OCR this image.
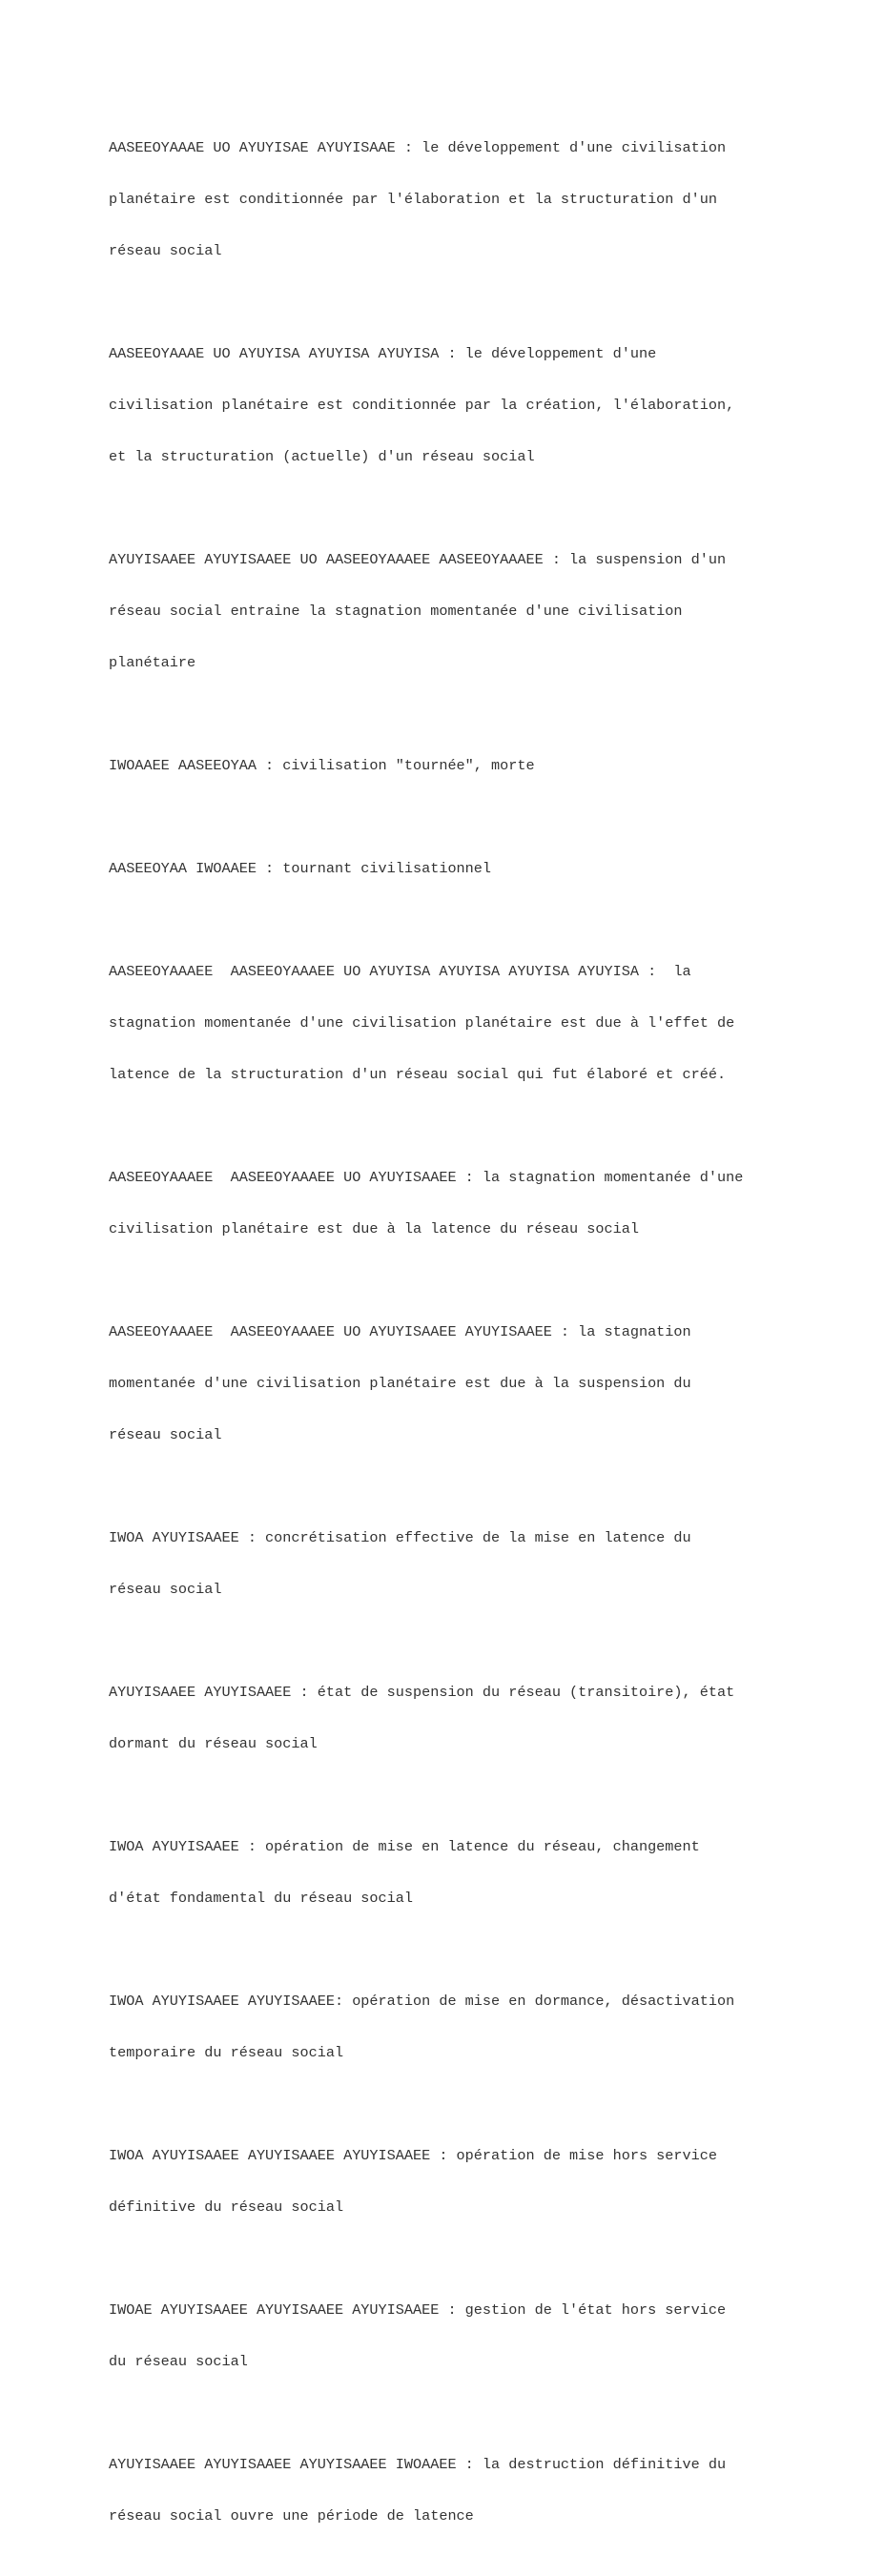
AASEEOYAAAE UO AYUYISAE AYUYISAAE : le développement d'une civilisation

planétaire est conditionnée par l'élaboration et la structuration d'un

réseau social

AASEEOYAAAE UO AYUYISA AYUYISA AYUYISA : le développement d'une

civilisation planétaire est conditionnée par la création, l'élaboration,

et la structuration (actuelle) d'un réseau social

AYUYISAAEE AYUYISAAEE UO AASEEOYAAAEE AASEEOYAAAEE : la suspension d'un

réseau social entraine la stagnation momentanée d'une civilisation

planétaire

IWOAAEE AASEEOYAA : civilisation "tournée", morte

AASEEOYAA IWOAAEE : tournant civilisationnel

AASEEOYAAAEE  AASEEOYAAAEE UO AYUYISA AYUYISA AYUYISA AYUYISA :  la

stagnation momentanée d'une civilisation planétaire est due à l'effet de

latence de la structuration d'un réseau social qui fut élaboré et créé.

AASEEOYAAAEE  AASEEOYAAAEE UO AYUYISAAEE : la stagnation momentanée d'une

civilisation planétaire est due à la latence du réseau social

AASEEOYAAAEE  AASEEOYAAAEE UO AYUYISAAEE AYUYISAAEE : la stagnation

momentanée d'une civilisation planétaire est due à la suspension du

réseau social

IWOA AYUYISAAEE : concrétisation effective de la mise en latence du

réseau social

AYUYISAAEE AYUYISAAEE : état de suspension du réseau (transitoire), état

dormant du réseau social

IWOA AYUYISAAEE : opération de mise en latence du réseau, changement

d'état fondamental du réseau social

IWOA AYUYISAAEE AYUYISAAEE: opération de mise en dormance, désactivation

temporaire du réseau social

IWOA AYUYISAAEE AYUYISAAEE AYUYISAAEE : opération de mise hors service

définitive du réseau social

IWOAE AYUYISAAEE AYUYISAAEE AYUYISAAEE : gestion de l'état hors service

du réseau social

AYUYISAAEE AYUYISAAEE AYUYISAAEE IWOAAEE : la destruction définitive du

réseau social ouvre une période de latence
